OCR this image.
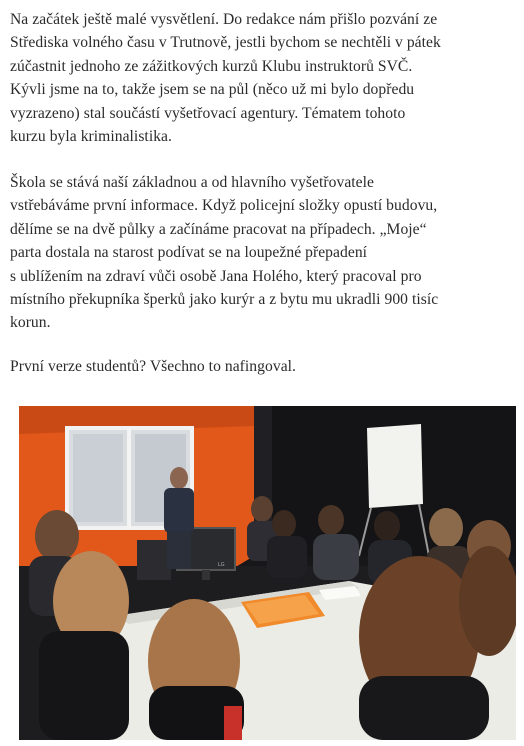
Na začátek ještě malé vysvětlení. Do redakce nám přišlo pozvání ze
Střediska volného času v Trutnově, jestli bychom se nechtěli v pátek
zúčastnit jednoho ze zážitkových kurzů Klubu instruktorů SVČ.
Kývli jsme na to, takže jsem se na půl (něco už mi bylo dopředu
vyzrazeno) stal součástí vyšetřovací agentury. Tématem tohoto
kurzu byla kriminalistika.

Škola se stává naší základnou a od hlavního vyšetřovatele
vstřebáváme první informace. Když policejní složky opustí budovu,
dělíme se na dvě půlky a začínáme pracovat na případech. „Moje“
parta dostala na starost podívat se na loupežné přepadení
s ublížením na zdraví vůči osobě Jana Holého, který pracoval pro
místního překupníka šperků jako kurýr a z bytu mu ukradli 900 tisíc
korun.

První verze studentů? Všechno to nafingoval.

LG
